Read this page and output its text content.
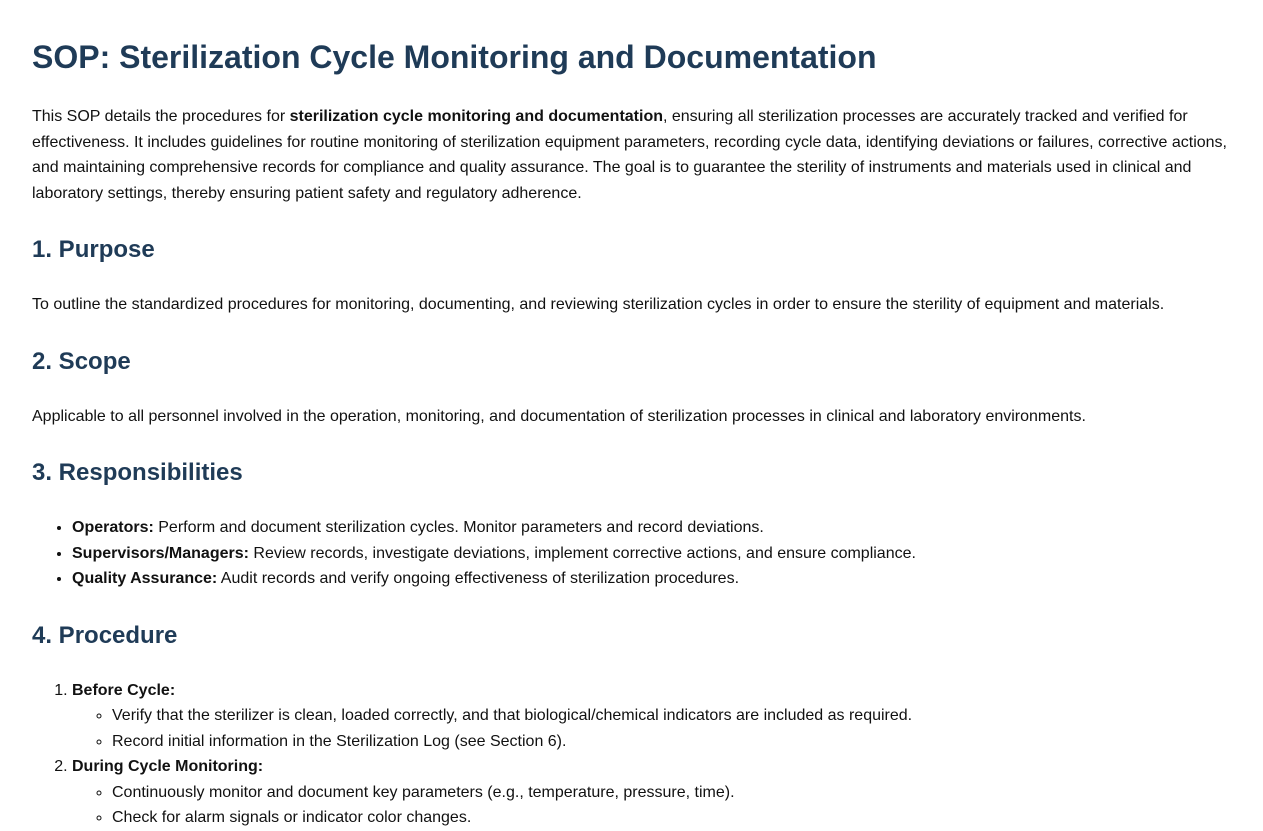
SOP: Sterilization Cycle Monitoring and Documentation

This SOP details the procedures for sterilization cycle monitoring and documentation, ensuring all sterilization processes are accurately tracked and verified for effectiveness. It includes guidelines for routine monitoring of sterilization equipment parameters, recording cycle data, identifying deviations or failures, corrective actions, and maintaining comprehensive records for compliance and quality assurance. The goal is to guarantee the sterility of instruments and materials used in clinical and laboratory settings, thereby ensuring patient safety and regulatory adherence.

1. Purpose

To outline the standardized procedures for monitoring, documenting, and reviewing sterilization cycles in order to ensure the sterility of equipment and materials.

2. Scope

Applicable to all personnel involved in the operation, monitoring, and documentation of sterilization processes in clinical and laboratory environments.

3. Responsibilities
• Operators: Perform and document sterilization cycles. Monitor parameters and record deviations.
• Supervisors/Managers: Review records, investigate deviations, implement corrective actions, and ensure compliance.
• Quality Assurance: Audit records and verify ongoing effectiveness of sterilization procedures.
4. Procedure
1. Before Cycle:
◦ Verify that the sterilizer is clean, loaded correctly, and that biological/chemical indicators are included as required.
◦ Record initial information in the Sterilization Log (see Section 6).
2. During Cycle Monitoring:
◦ Continuously monitor and document key parameters (e.g., temperature, pressure, time).
◦ Check for alarm signals or indicator color changes.
